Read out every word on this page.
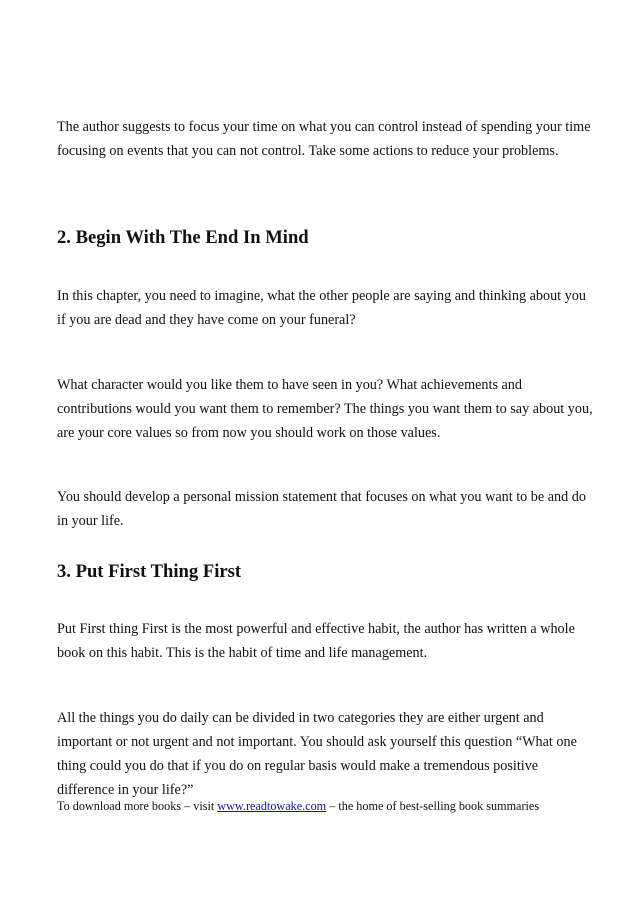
The author suggests to focus your time on what you can control instead of spending your time focusing on events that you can not control. Take some actions to reduce your problems.

2. Begin With The End In Mind

In this chapter, you need to imagine, what the other people are saying and thinking about you if you are dead and they have come on your funeral?

What character would you like them to have seen in you? What achievements and contributions would you want them to remember? The things you want them to say about you, are your core values so from now you should work on those values.

You should develop a personal mission statement that focuses on what you want to be and do in your life.

3. Put First Thing First

Put First thing First is the most powerful and effective habit, the author has written a whole book on this habit. This is the habit of time and life management.

All the things you do daily can be divided in two categories they are either urgent and important or not urgent and not important. You should ask yourself this question “What one thing could you do that if you do on regular basis would make a tremendous positive difference in your life?”

To download more books – visit www.readtowake.com – the home of best-selling book summaries
